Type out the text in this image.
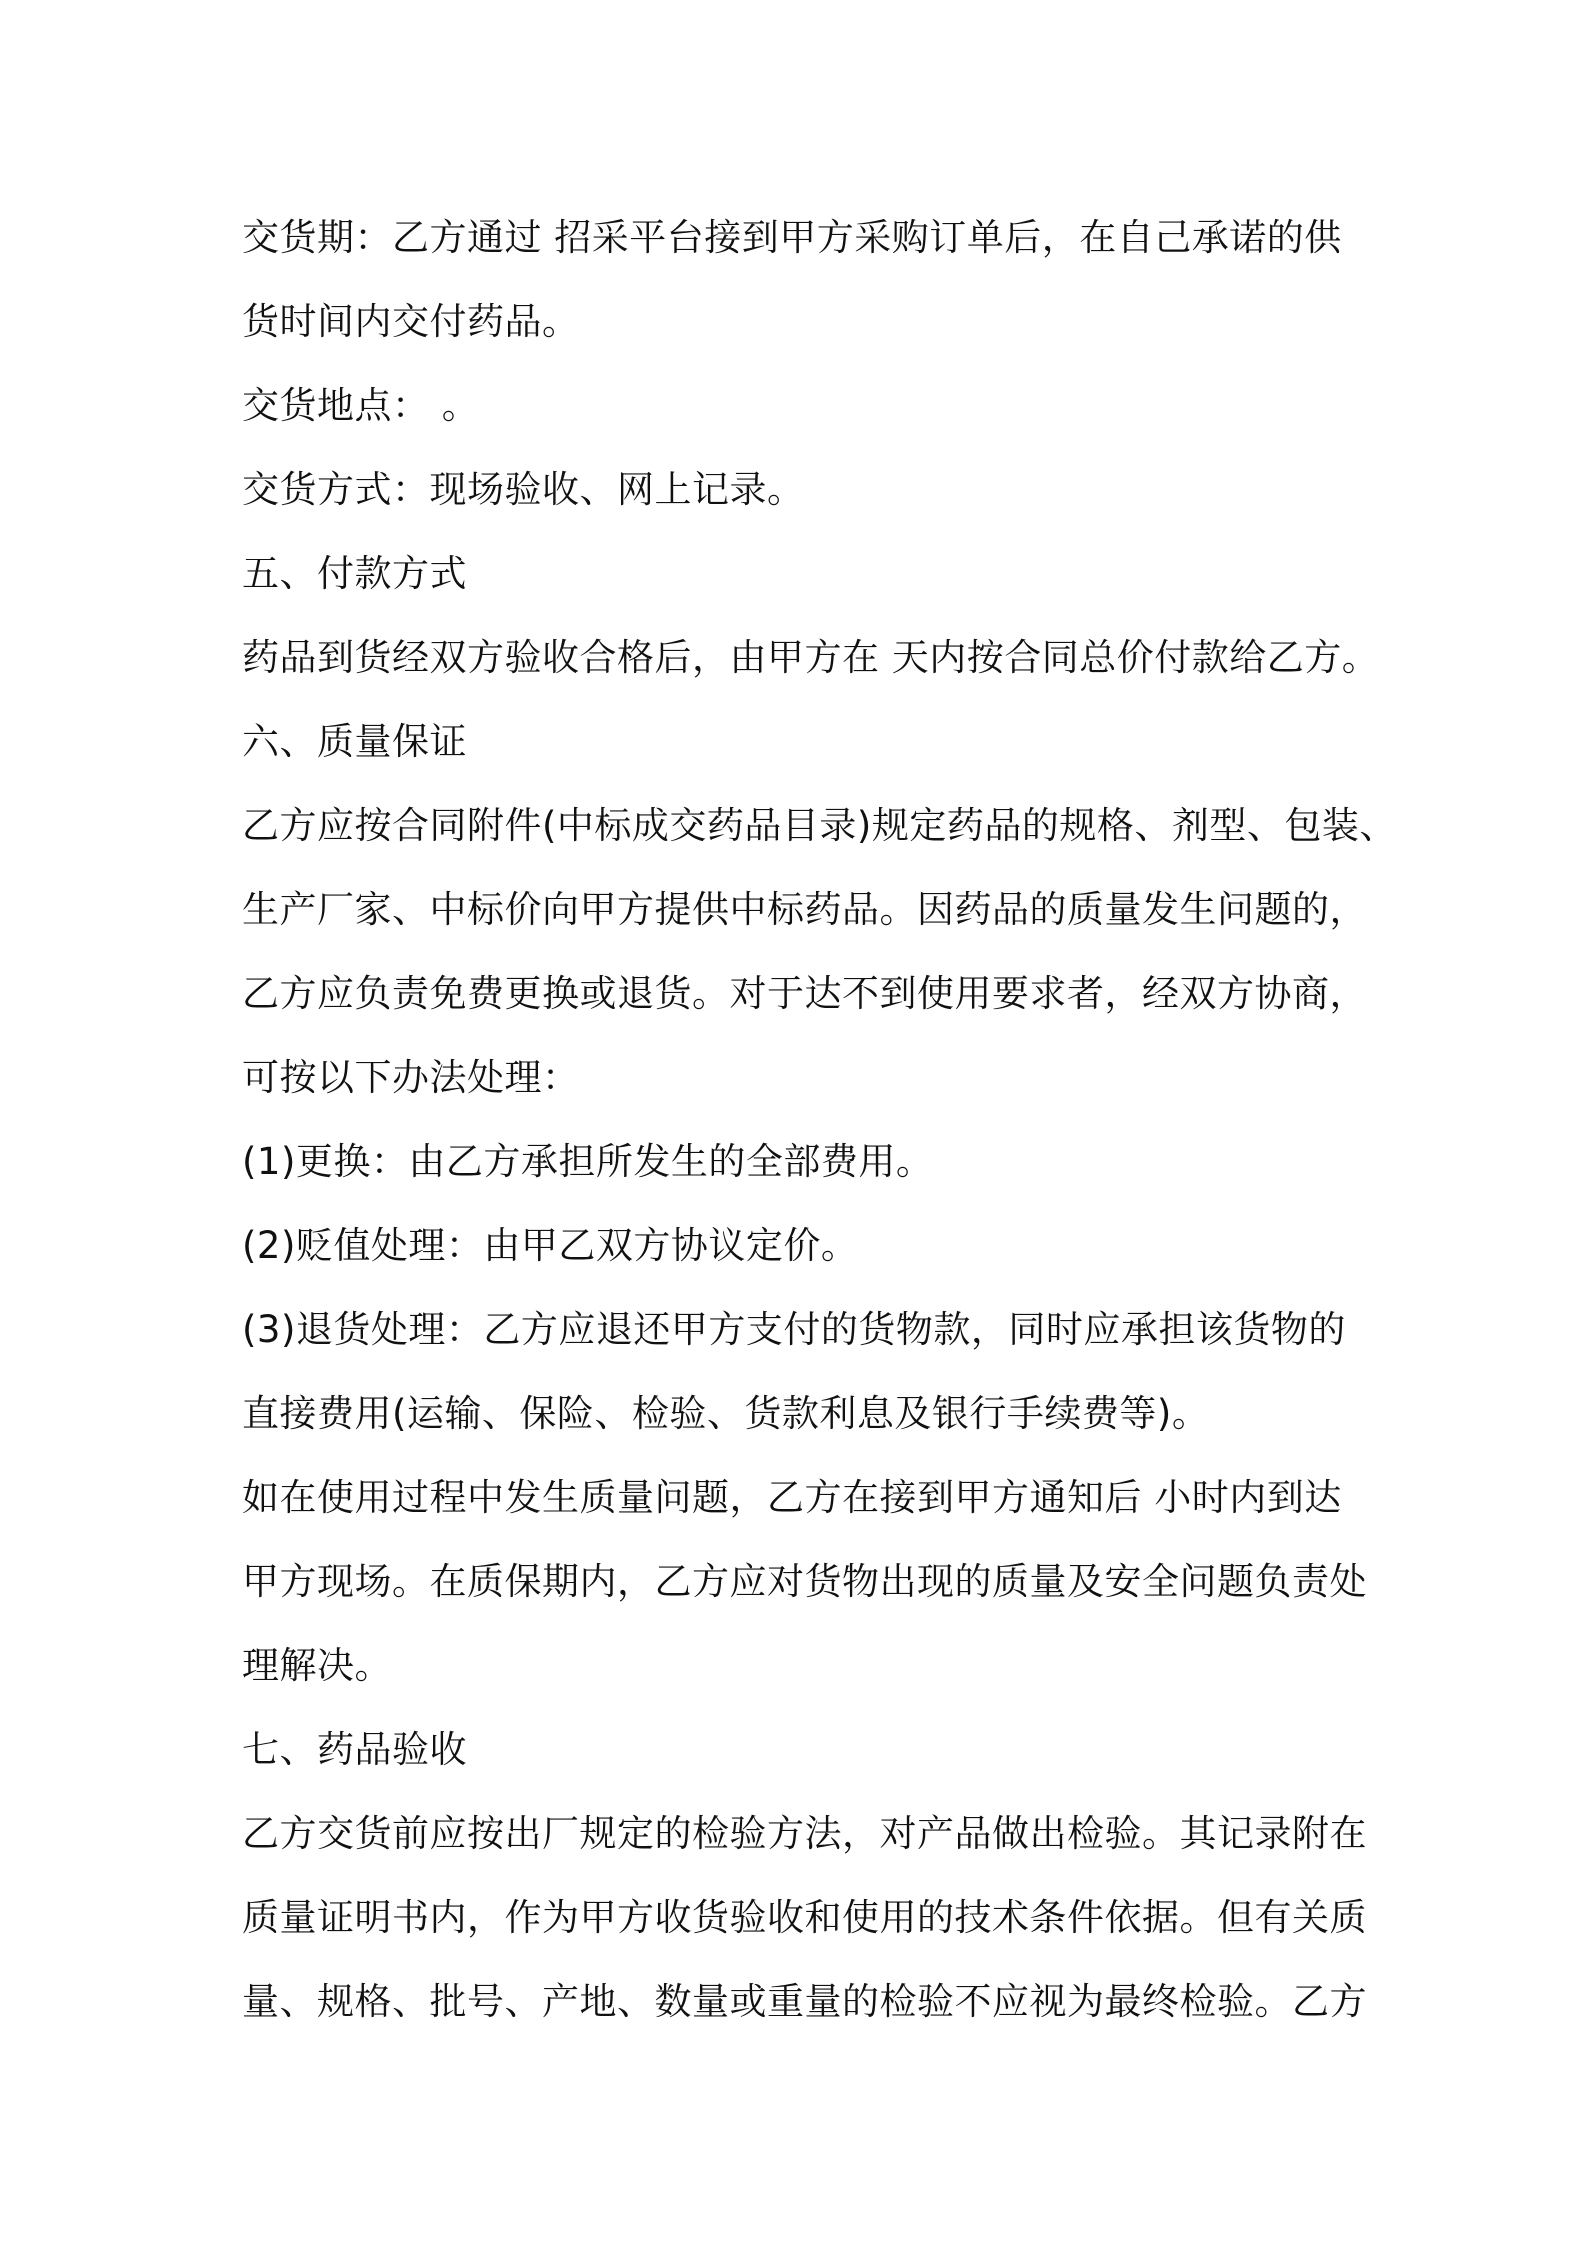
交货期：乙方通过 招采平台接到甲方采购订单后，在自己承诺的供
货时间内交付药品。
交货地点： 。
交货方式：现场验收、网上记录。
五、付款方式
药品到货经双方验收合格后，由甲方在 天内按合同总价付款给乙方。
六、质量保证
乙方应按合同附件(中标成交药品目录)规定药品的规格、剂型、包装、
生产厂家、中标价向甲方提供中标药品。因药品的质量发生问题的，
乙方应负责免费更换或退货。对于达不到使用要求者，经双方协商，
可按以下办法处理：
(1)更换：由乙方承担所发生的全部费用。
(2)贬值处理：由甲乙双方协议定价。
(3)退货处理：乙方应退还甲方支付的货物款，同时应承担该货物的
直接费用(运输、保险、检验、货款利息及银行手续费等)。
如在使用过程中发生质量问题，乙方在接到甲方通知后 小时内到达
甲方现场。在质保期内，乙方应对货物出现的质量及安全问题负责处
理解决。
七、药品验收
乙方交货前应按出厂规定的检验方法，对产品做出检验。其记录附在
质量证明书内，作为甲方收货验收和使用的技术条件依据。但有关质
量、规格、批号、产地、数量或重量的检验不应视为最终检验。乙方
